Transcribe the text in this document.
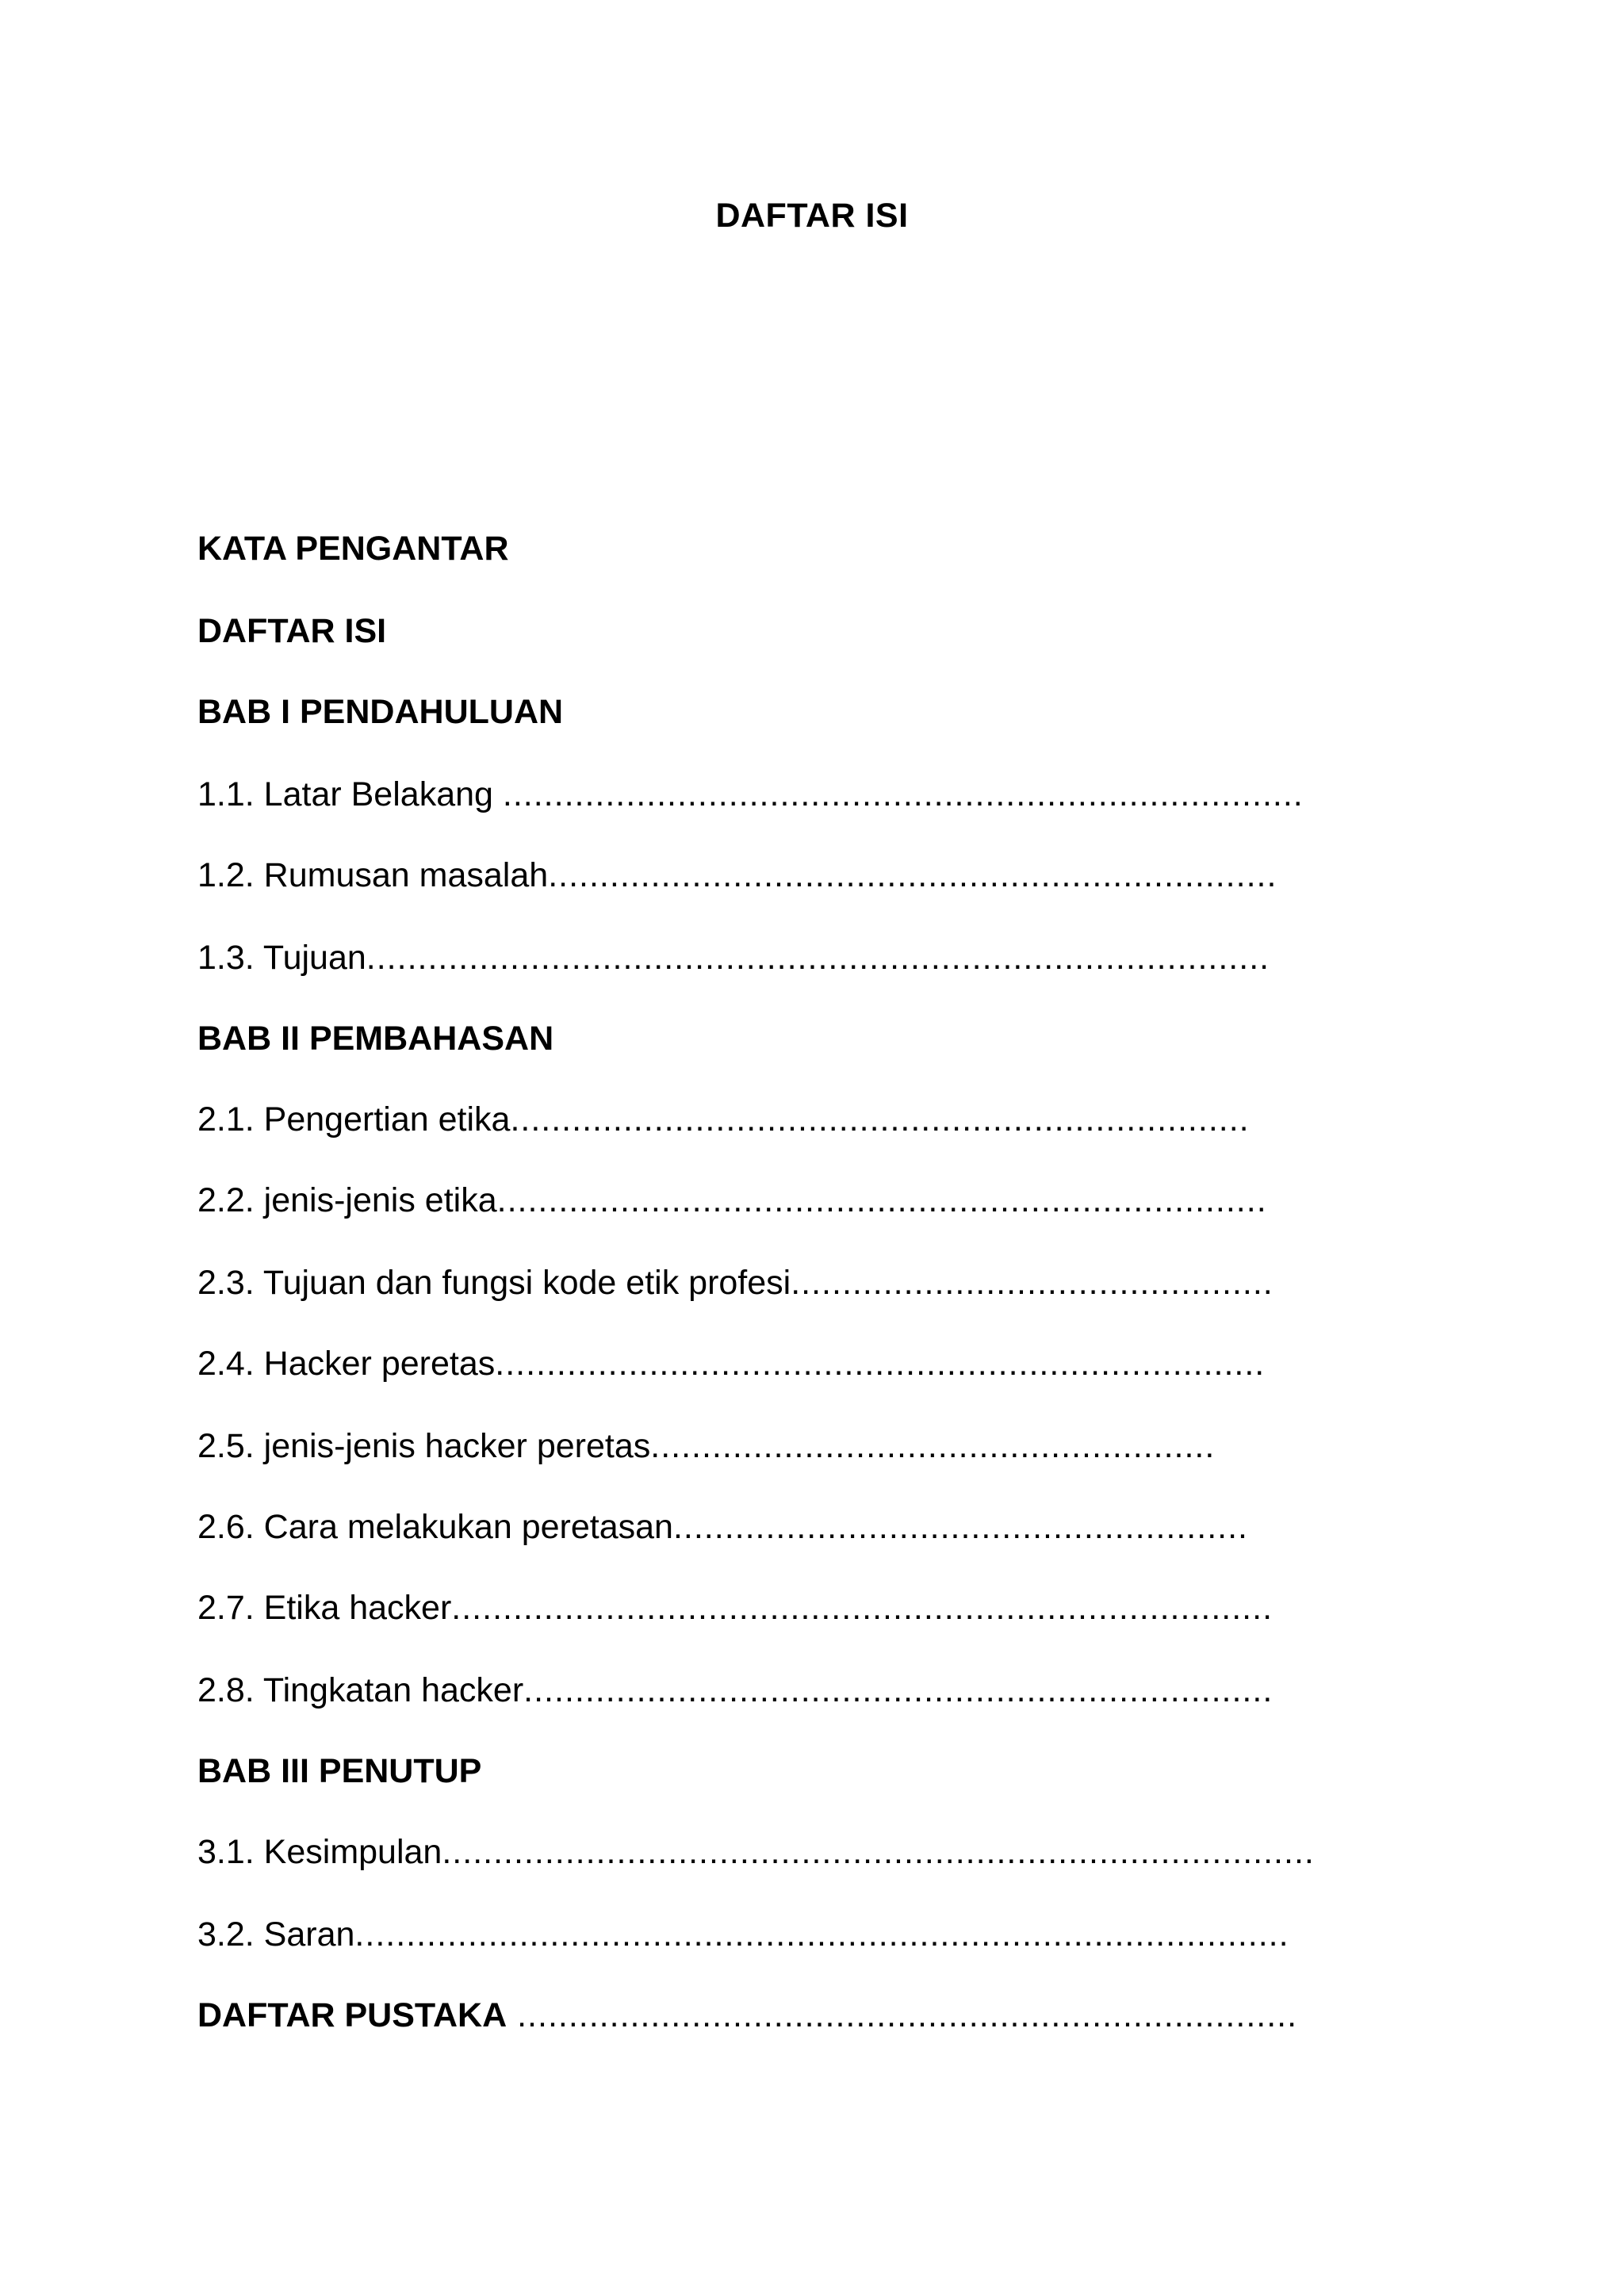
DAFTAR ISI
KATA PENGANTAR
DAFTAR ISI
BAB I PENDAHULUAN
1.1. Latar Belakang ..............................................................................
1.2. Rumusan masalah.......................................................................
1.3. Tujuan........................................................................................
BAB II PEMBAHASAN
2.1. Pengertian etika........................................................................
2.2. jenis-jenis etika...........................................................................
2.3. Tujuan dan fungsi kode etik profesi...............................................
2.4. Hacker peretas...........................................................................
2.5. jenis-jenis hacker peretas.......................................................
2.6. Cara melakukan peretasan........................................................
2.7. Etika hacker................................................................................
2.8. Tingkatan hacker.........................................................................
BAB III PENUTUP
3.1. Kesimpulan.....................................................................................
3.2. Saran...........................................................................................
DAFTAR PUSTAKA ............................................................................
